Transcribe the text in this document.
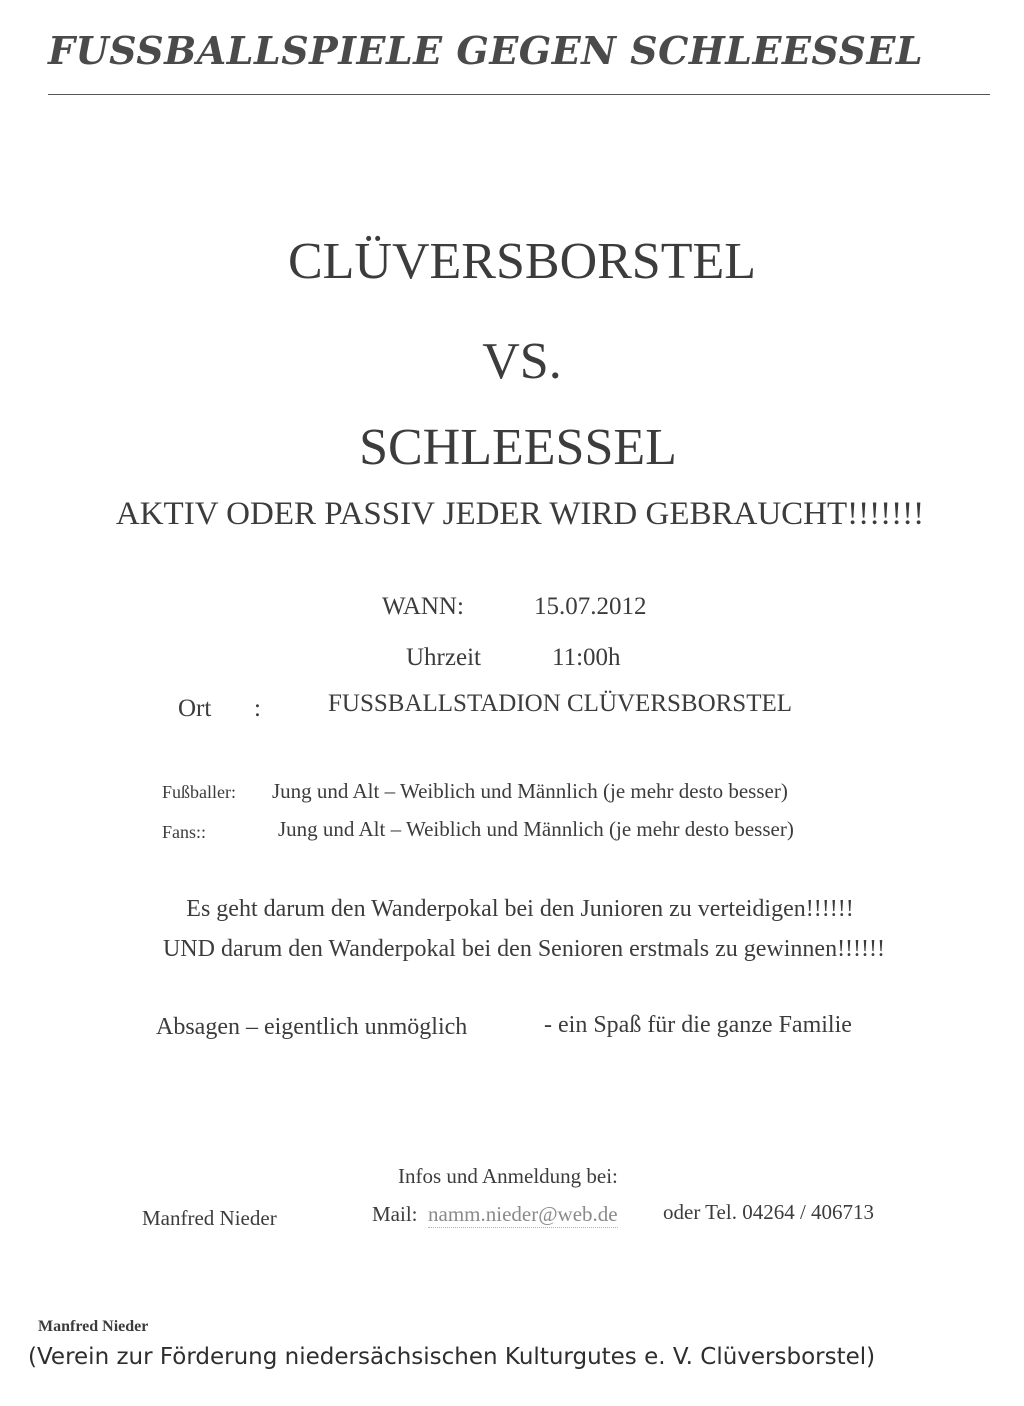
FUSSBALLSPIELE GEGEN SCHLEESSEL
CLÜVERSBORSTEL
VS.
SCHLEESSEL
AKTIV ODER PASSIV JEDER WIRD GEBRAUCHT!!!!!!!
WANN:	15.07.2012
Uhrzeit	11:00h
Ort :	FUSSBALLSTADION CLÜVERSBORSTEL
Fußballer: Jung und Alt – Weiblich und Männlich (je mehr desto besser)
Fans::	Jung und Alt – Weiblich und Männlich (je mehr desto besser)
Es geht darum den Wanderpokal bei den Junioren zu verteidigen!!!!!!
UND darum den Wanderpokal bei den Senioren erstmals zu gewinnen!!!!!!
Absagen – eigentlich unmöglich	- ein Spaß für die ganze Familie
Infos und Anmeldung bei:
Manfred Nieder	Mail: namm.nieder@web.de oder Tel. 04264 / 406713
Manfred Nieder
(Verein zur Förderung niedersächsischen Kulturgutes e. V. Clüversborstel)
